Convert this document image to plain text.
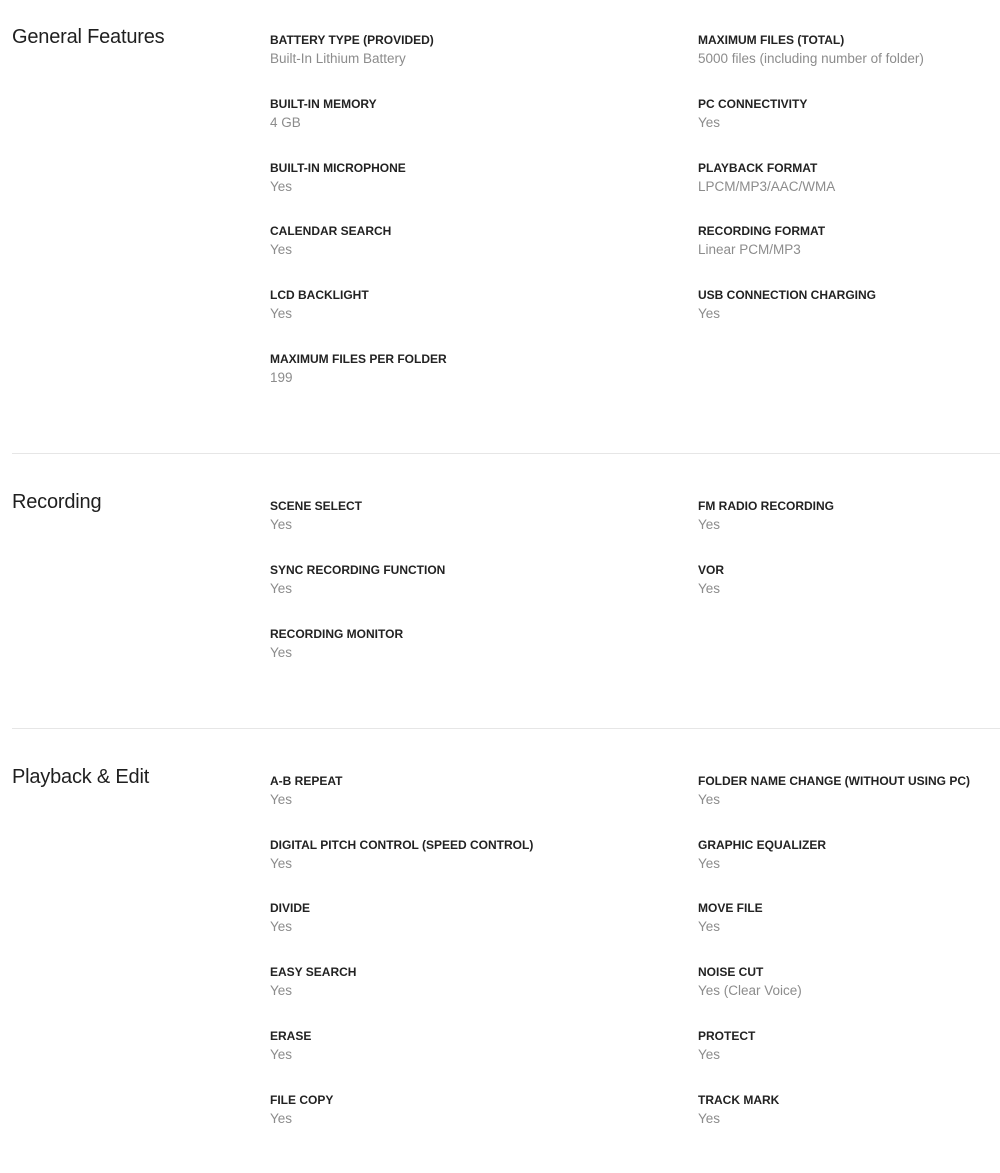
General Features	BATTERY TYPE (PROVIDED)
Built-In Lithium Battery
BUILT-IN MEMORY
4 GB
BUILT-IN MICROPHONE
Yes
CALENDAR SEARCH
Yes
LCD BACKLIGHT
Yes
MAXIMUM FILES PER FOLDER
199
MAXIMUM FILES (TOTAL)
5000 files (including number of folder)
PC CONNECTIVITY
Yes
PLAYBACK FORMAT
LPCM/MP3/AAC/WMA
RECORDING FORMAT
Linear PCM/MP3
USB CONNECTION CHARGING
Yes
Recording	SCENE SELECT
Yes
SYNC RECORDING FUNCTION
Yes
RECORDING MONITOR
Yes
FM RADIO RECORDING
Yes
VOR
Yes
Playback & Edit	A-B REPEAT
Yes
DIGITAL PITCH CONTROL (SPEED CONTROL)
Yes
DIVIDE
Yes
EASY SEARCH
Yes
ERASE
Yes
FILE COPY
Yes
FOLDER NAME CHANGE (WITHOUT USING PC)
Yes
GRAPHIC EQUALIZER
Yes
MOVE FILE
Yes
NOISE CUT
Yes (Clear Voice)
PROTECT
Yes
TRACK MARK
Yes
